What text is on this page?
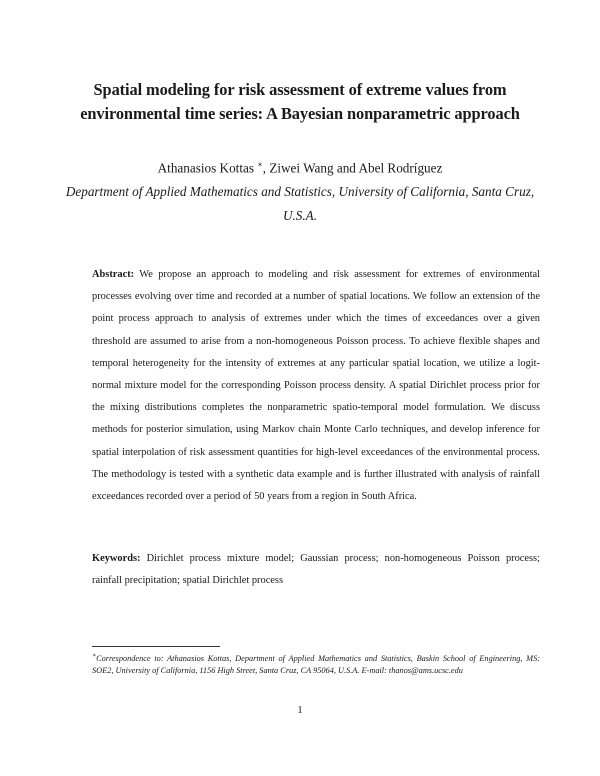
Spatial modeling for risk assessment of extreme values from environmental time series: A Bayesian nonparametric approach
Athanasios Kottas ∗, Ziwei Wang and Abel Rodríguez
Department of Applied Mathematics and Statistics, University of California, Santa Cruz, U.S.A.
Abstract: We propose an approach to modeling and risk assessment for extremes of environmental processes evolving over time and recorded at a number of spatial locations. We follow an extension of the point process approach to analysis of extremes under which the times of exceedances over a given threshold are assumed to arise from a non-homogeneous Poisson process. To achieve flexible shapes and temporal heterogeneity for the intensity of extremes at any particular spatial location, we utilize a logit-normal mixture model for the corresponding Poisson process density. A spatial Dirichlet process prior for the mixing distributions completes the nonparametric spatio-temporal model formulation. We discuss methods for posterior simulation, using Markov chain Monte Carlo techniques, and develop inference for spatial interpolation of risk assessment quantities for high-level exceedances of the environmental process. The methodology is tested with a synthetic data example and is further illustrated with analysis of rainfall exceedances recorded over a period of 50 years from a region in South Africa.
Keywords: Dirichlet process mixture model; Gaussian process; non-homogeneous Poisson process; rainfall precipitation; spatial Dirichlet process
∗Correspondence to: Athanasios Kottas, Department of Applied Mathematics and Statistics, Baskin School of Engineering, MS: SOE2, University of California, 1156 High Street, Santa Cruz, CA 95064, U.S.A. E-mail: thanos@ams.ucsc.edu
1
